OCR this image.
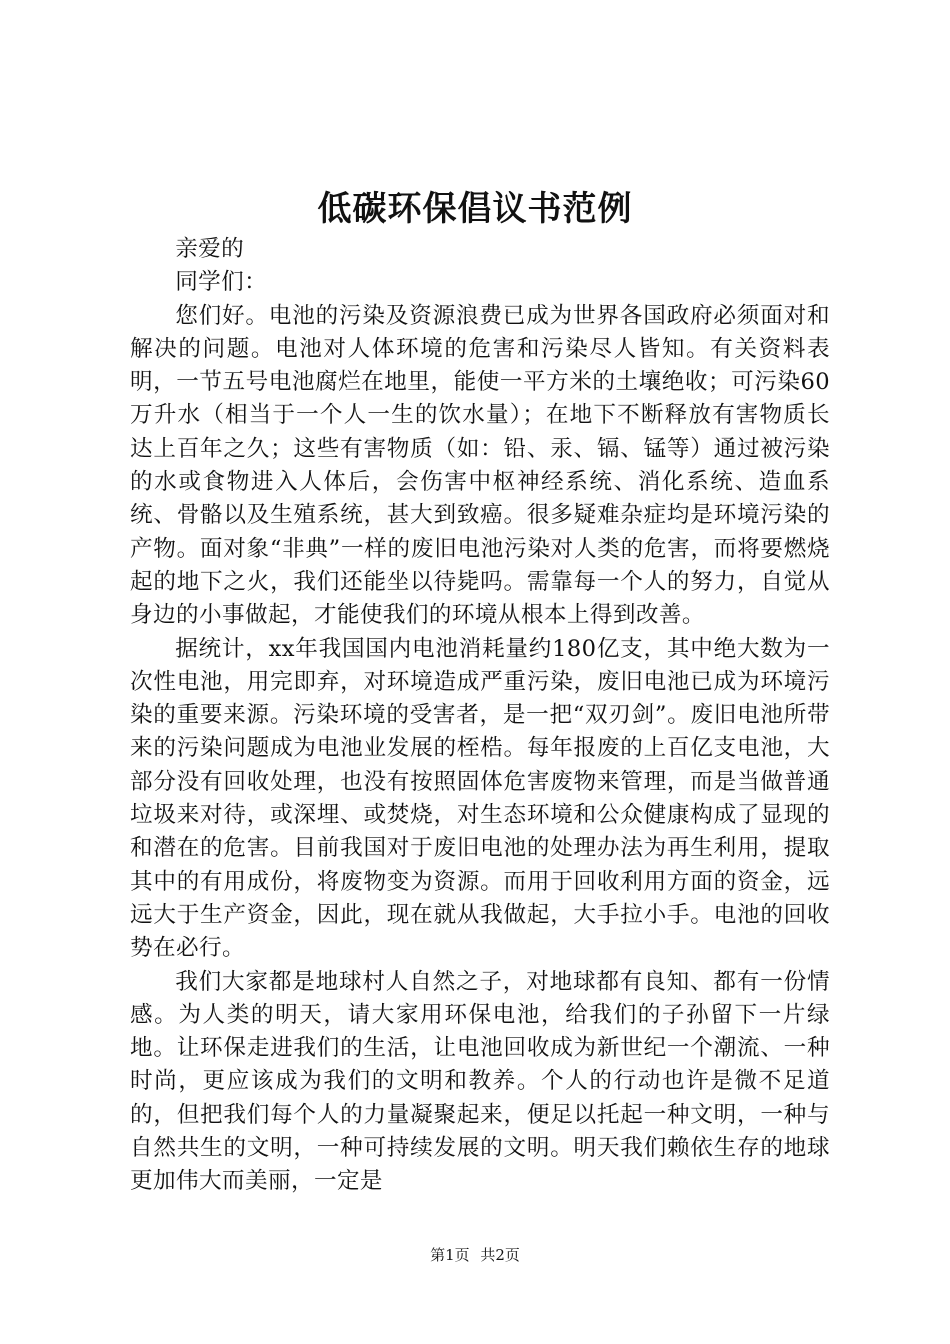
低碳环保倡议书范例

亲爱的

同学们：

您们好。电池的污染及资源浪费已成为世界各国政府必须面对和解决的问题。电池对人体环境的危害和污染尽人皆知。有关资料表明，一节五号电池腐烂在地里，能使一平方米的土壤绝收；可污染60万升水（相当于一个人一生的饮水量）；在地下不断释放有害物质长达上百年之久；这些有害物质（如：铅、汞、镉、锰等）通过被污染的水或食物进入人体后，会伤害中枢神经系统、消化系统、造血系统、骨骼以及生殖系统，甚大到致癌。很多疑难杂症均是环境污染的产物。面对象“非典”一样的废旧电池污染对人类的危害，而将要燃烧起的地下之火，我们还能坐以待毙吗。需靠每一个人的努力，自觉从身边的小事做起，才能使我们的环境从根本上得到改善。

据统计，xx年我国国内电池消耗量约180亿支，其中绝大数为一次性电池，用完即弃，对环境造成严重污染，废旧电池已成为环境污染的重要来源。污染环境的受害者，是一把“双刃剑”。废旧电池所带来的污染问题成为电池业发展的桎梏。每年报废的上百亿支电池，大部分没有回收处理，也没有按照固体危害废物来管理，而是当做普通垃圾来对待，或深埋、或焚烧，对生态环境和公众健康构成了显现的和潜在的危害。目前我国对于废旧电池的处理办法为再生利用，提取其中的有用成份，将废物变为资源。而用于回收利用方面的资金，远远大于生产资金，因此，现在就从我做起，大手拉小手。电池的回收势在必行。

我们大家都是地球村人自然之子，对地球都有良知、都有一份情感。为人类的明天，请大家用环保电池，给我们的子孙留下一片绿地。让环保走进我们的生活，让电池回收成为新世纪一个潮流、一种时尚，更应该成为我们的文明和教养。个人的行动也许是微不足道的，但把我们每个人的力量凝聚起来，便足以托起一种文明，一种与自然共生的文明，一种可持续发展的文明。明天我们赖依生存的地球更加伟大而美丽，一定是

第1页 共2页
